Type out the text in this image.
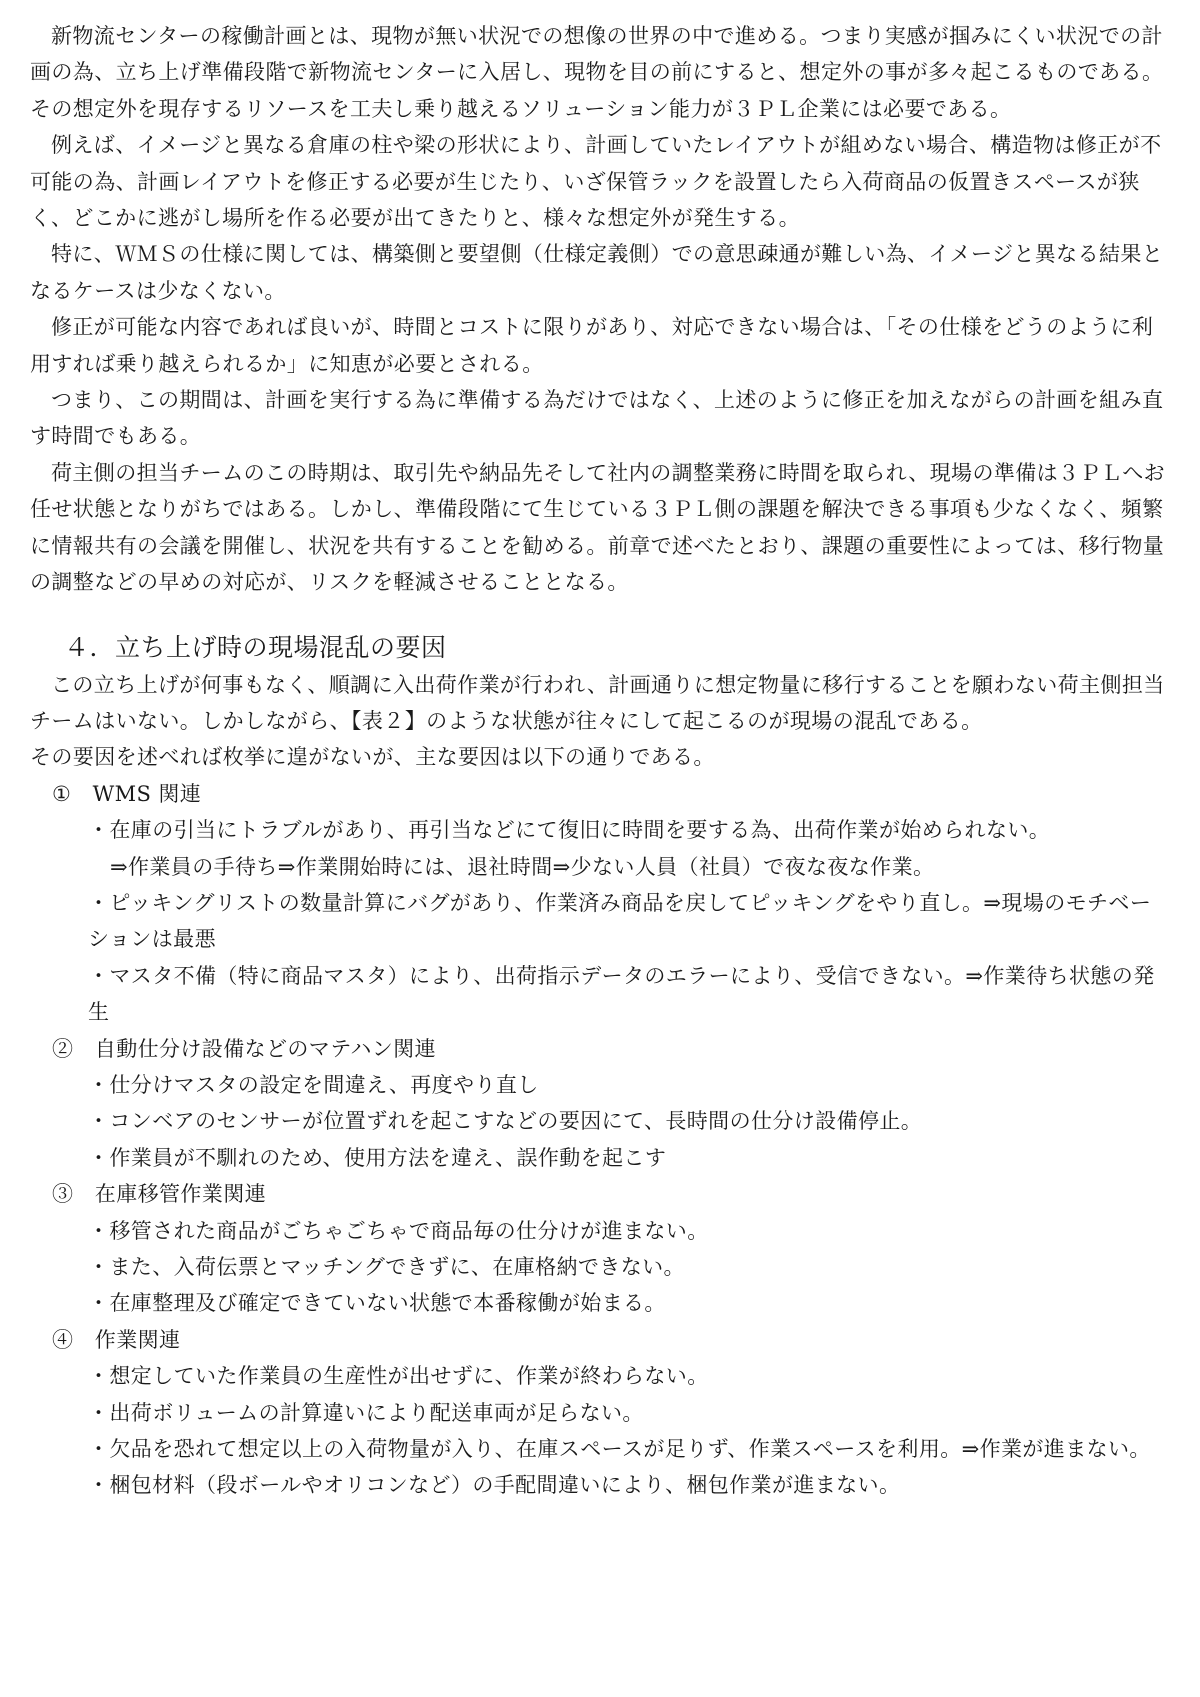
新物流センターの稼働計画とは、現物が無い状況での想像の世界の中で進める。つまり実感が掴みにくい状況での計画の為、立ち上げ準備段階で新物流センターに入居し、現物を目の前にすると、想定外の事が多々起こるものである。その想定外を現存するリソースを工夫し乗り越えるソリューション能力が３ＰＬ企業には必要である。

例えば、イメージと異なる倉庫の柱や梁の形状により、計画していたレイアウトが組めない場合、構造物は修正が不可能の為、計画レイアウトを修正する必要が生じたり、いざ保管ラックを設置したら入荷商品の仮置きスペースが狭く、どこかに逃がし場所を作る必要が出てきたりと、様々な想定外が発生する。

特に、ＷＭＳの仕様に関しては、構築側と要望側（仕様定義側）での意思疎通が難しい為、イメージと異なる結果となるケースは少なくない。

修正が可能な内容であれば良いが、時間とコストに限りがあり、対応できない場合は、「その仕様をどうのように利用すれば乗り越えられるか」に知恵が必要とされる。

つまり、この期間は、計画を実行する為に準備する為だけではなく、上述のように修正を加えながらの計画を組み直す時間でもある。

荷主側の担当チームのこの時期は、取引先や納品先そして社内の調整業務に時間を取られ、現場の準備は３ＰＬへお任せ状態となりがちではある。しかし、準備段階にて生じている３ＰＬ側の課題を解決できる事項も少なくなく、頻繁に情報共有の会議を開催し、状況を共有することを勧める。前章で述べたとおり、課題の重要性によっては、移行物量の調整などの早めの対応が、リスクを軽減させることとなる。

４．立ち上げ時の現場混乱の要因

この立ち上げが何事もなく、順調に入出荷作業が行われ、計画通りに想定物量に移行することを願わない荷主側担当チームはいない。しかしながら、【表２】のような状態が往々にして起こるのが現場の混乱である。

その要因を述べれば枚挙に遑がないが、主な要因は以下の通りである。

①　WMS 関連

・在庫の引当にトラブルがあり、再引当などにて復旧に時間を要する為、出荷作業が始められない。
⇒作業員の手待ち⇒作業開始時には、退社時間⇒少ない人員（社員）で夜な夜な作業。

・ピッキングリストの数量計算にバグがあり、作業済み商品を戻してピッキングをやり直し。⇒現場のモチベーションは最悪

・マスタ不備（特に商品マスタ）により、出荷指示データのエラーにより、受信できない。⇒作業待ち状態の発生

②　自動仕分け設備などのマテハン関連

・仕分けマスタの設定を間違え、再度やり直し

・コンベアのセンサーが位置ずれを起こすなどの要因にて、長時間の仕分け設備停止。

・作業員が不馴れのため、使用方法を違え、誤作動を起こす

③　在庫移管作業関連

・移管された商品がごちゃごちゃで商品毎の仕分けが進まない。

・また、入荷伝票とマッチングできずに、在庫格納できない。

・在庫整理及び確定できていない状態で本番稼働が始まる。

④　作業関連

・想定していた作業員の生産性が出せずに、作業が終わらない。

・出荷ボリュームの計算違いにより配送車両が足らない。

・欠品を恐れて想定以上の入荷物量が入り、在庫スペースが足りず、作業スペースを利用。⇒作業が進まない。

・梱包材料（段ボールやオリコンなど）の手配間違いにより、梱包作業が進まない。
